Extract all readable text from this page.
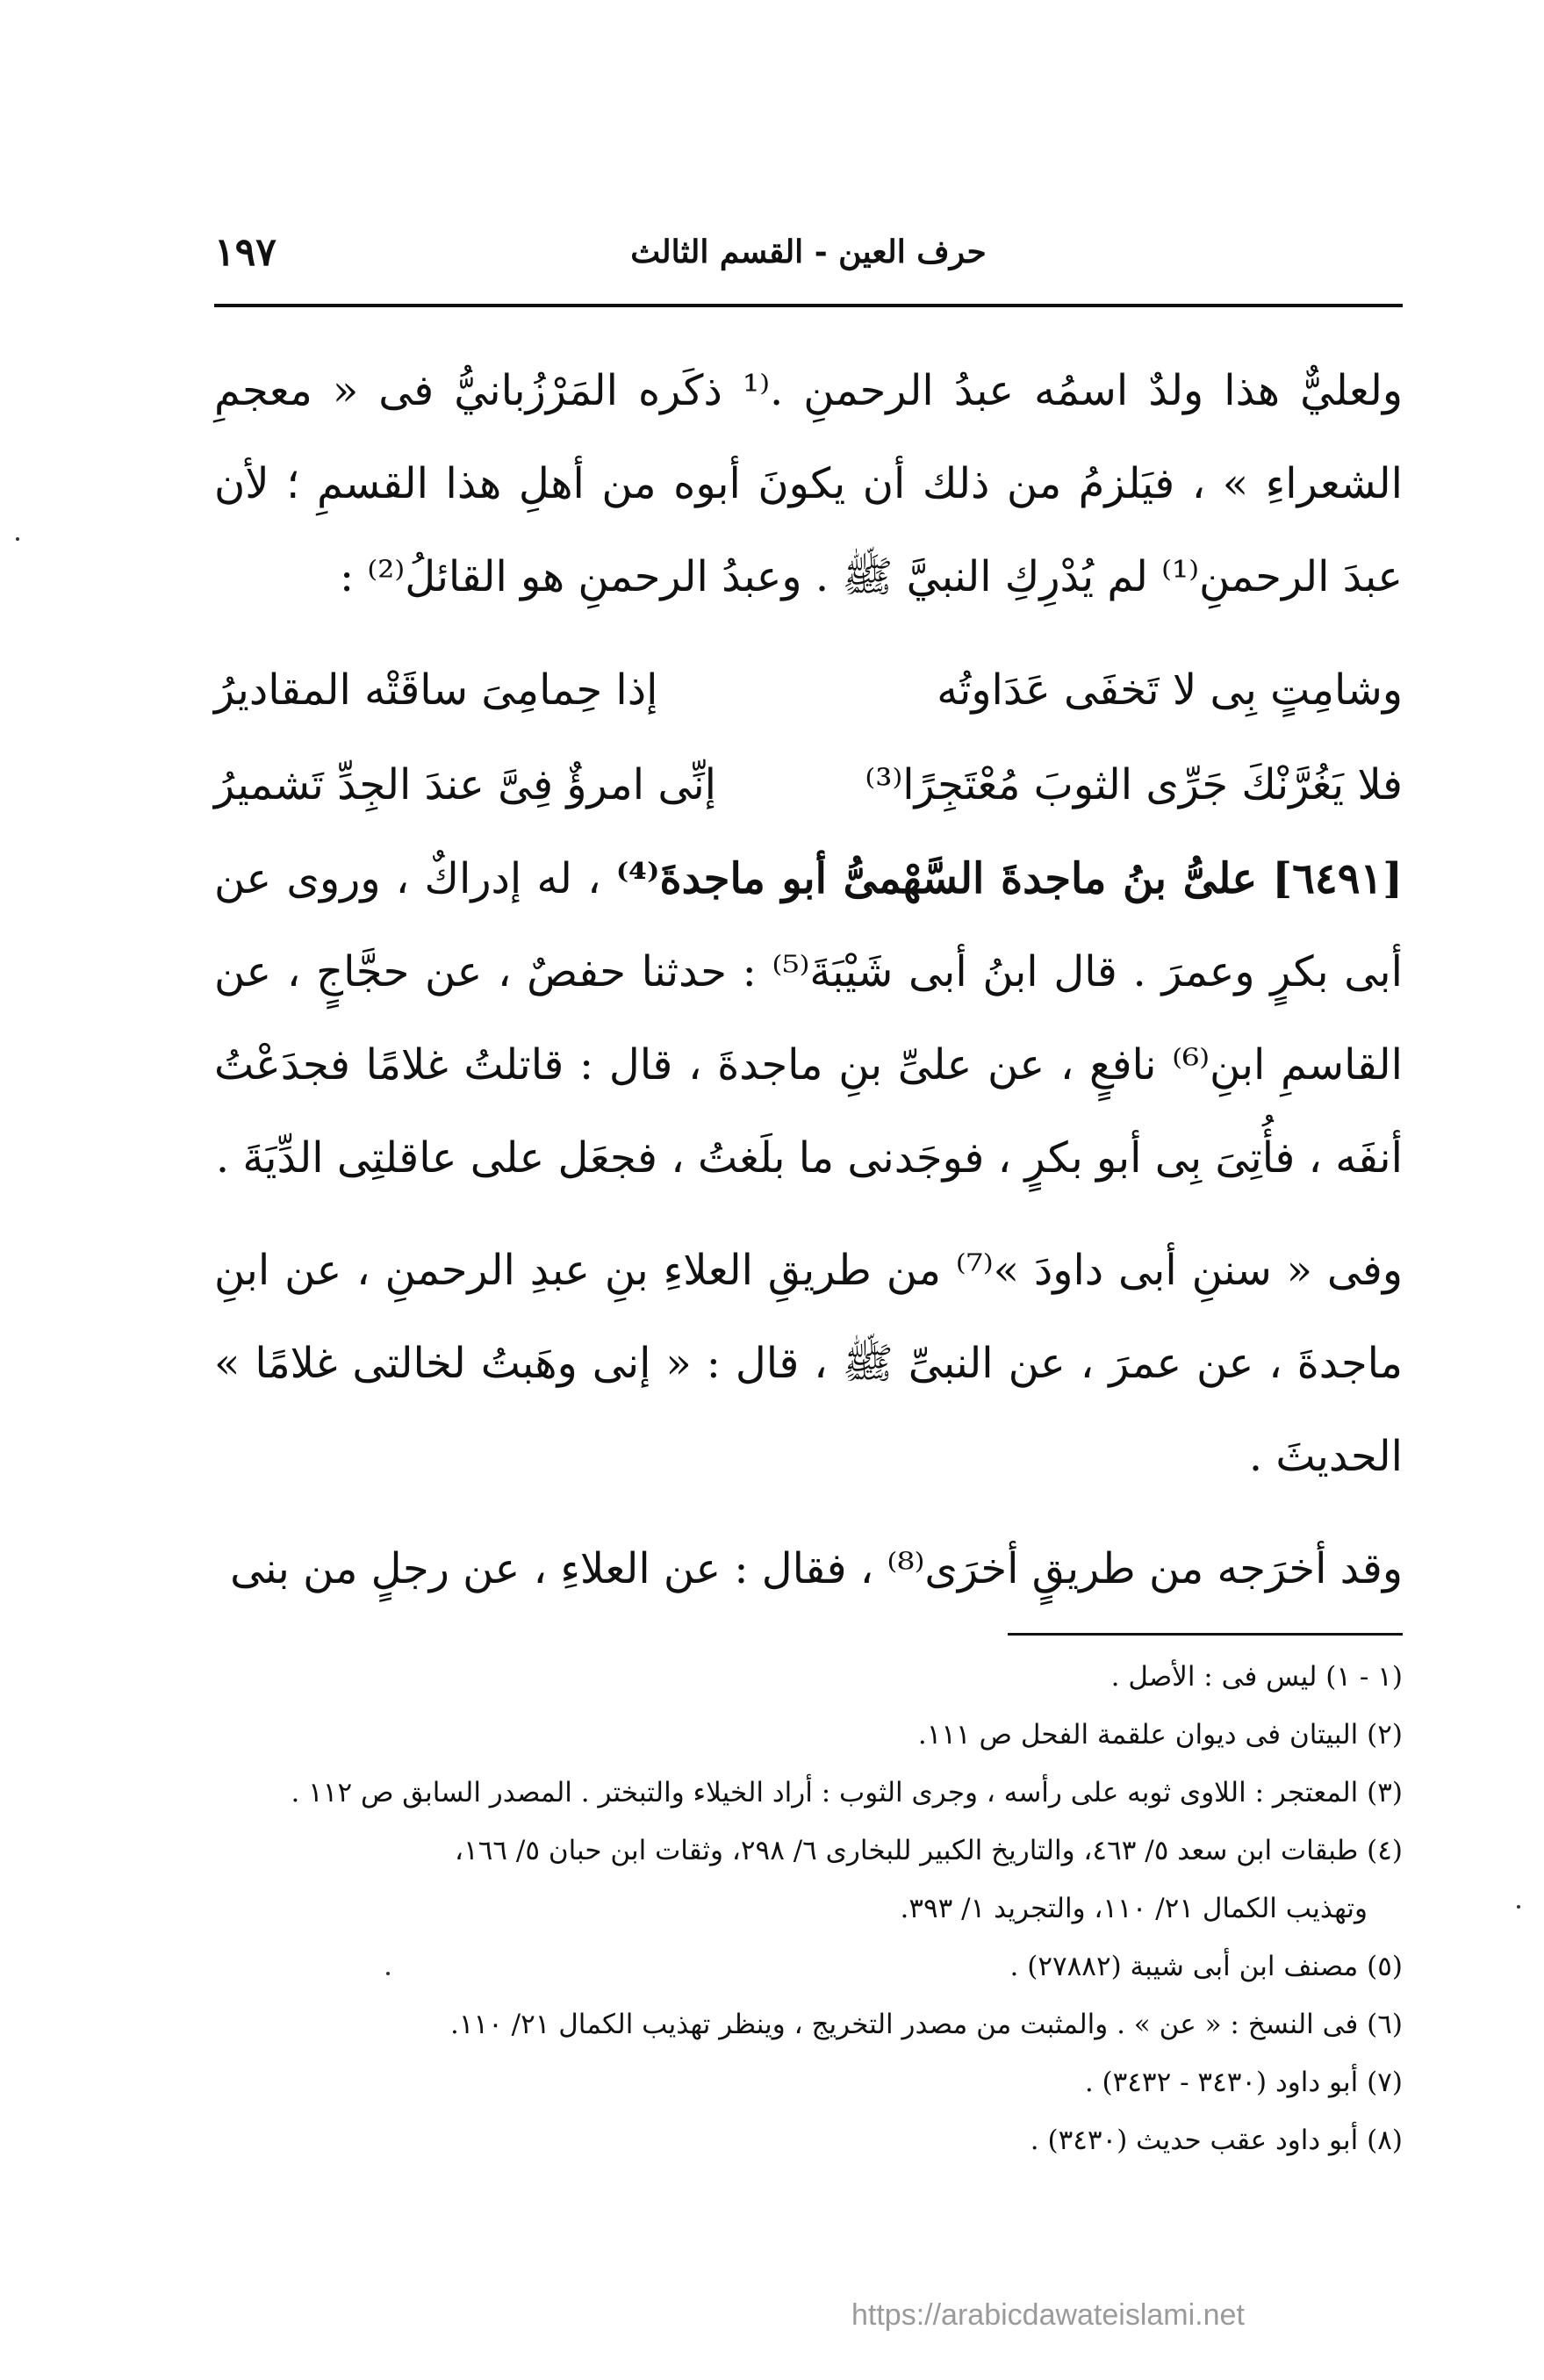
١٩٧	حرف العين - القسم الثالث

ولعليٌّ هذا ولدٌ اسمُه عبدُ الرحمنِ .⁽¹ ذكَره المَرْزُبانيُّ فى « معجمِ الشعراءِ » ، فيَلزمُ من ذلك أن يكونَ أبوه من أهلِ هذا القسمِ ؛ لأن عبدَ الرحمنِ⁽¹⁾ لم يُدْرِكِ النبيَّ ﷺ . وعبدُ الرحمنِ هو القائلُ⁽²⁾ :

وشامِتٍ بِى لا تَخفَى عَدَاوتُه
إذا حِمامِىَ ساقَتْه المقاديرُ
فلا يَغُرَّنْكَ جَرِّى الثوبَ مُعْتَجِرًا⁽³⁾
إنِّى امرؤٌ فِىَّ عندَ الجِدِّ تَشميرُ

[٦٤٩١] علىُّ بنُ ماجدةَ السَّهْمىُّ أبو ماجدةَ⁽⁴⁾ ، له إدراكٌ ، وروى عن أبى بكرٍ وعمرَ . قال ابنُ أبى شَيْبَةَ⁽⁵⁾ : حدثنا حفصٌ ، عن حجَّاجٍ ، عن القاسمِ ابنِ⁽⁶⁾ نافعٍ ، عن علىِّ بنِ ماجدةَ ، قال : قاتلتُ غلامًا فجدَعْتُ أنفَه ، فأُتِىَ بِى أبو بكرٍ ، فوجَدنى ما بلَغتُ ، فجعَل على عاقلتِى الدِّيَةَ .

وفى « سننِ أبى داودَ »⁽⁷⁾ من طريقِ العلاءِ بنِ عبدِ الرحمنِ ، عن ابنِ ماجدةَ ، عن عمرَ ، عن النبىِّ ﷺ ، قال : « إنى وهَبتُ لخالتى غلامًا » الحديثَ .

وقد أخرَجه من طريقٍ أخرَى⁽⁸⁾ ، فقال : عن العلاءِ ، عن رجلٍ من بنى

(١ - ١) ليس فى : الأصل .

(٢) البيتان فى ديوان علقمة الفحل ص ١١١.

(٣) المعتجر : اللاوى ثوبه على رأسه ، وجرى الثوب : أراد الخيلاء والتبختر . المصدر السابق ص ١١٢ .

(٤) طبقات ابن سعد ٥/ ٤٦٣، والتاريخ الكبير للبخارى ٦/ ٢٩٨، وثقات ابن حبان ٥/ ١٦٦،

وتهذيب الكمال ٢١/ ١١٠، والتجريد ١/ ٣٩٣.

(٥) مصنف ابن أبى شيبة (٢٧٨٨٢) .

(٦) فى النسخ : « عن » . والمثبت من مصدر التخريج ، وينظر تهذيب الكمال ٢١/ ١١٠.

(٧) أبو داود (٣٤٣٠ - ٣٤٣٢) .

(٨) أبو داود عقب حديث (٣٤٣٠) .

https://arabicdawateislami.net
